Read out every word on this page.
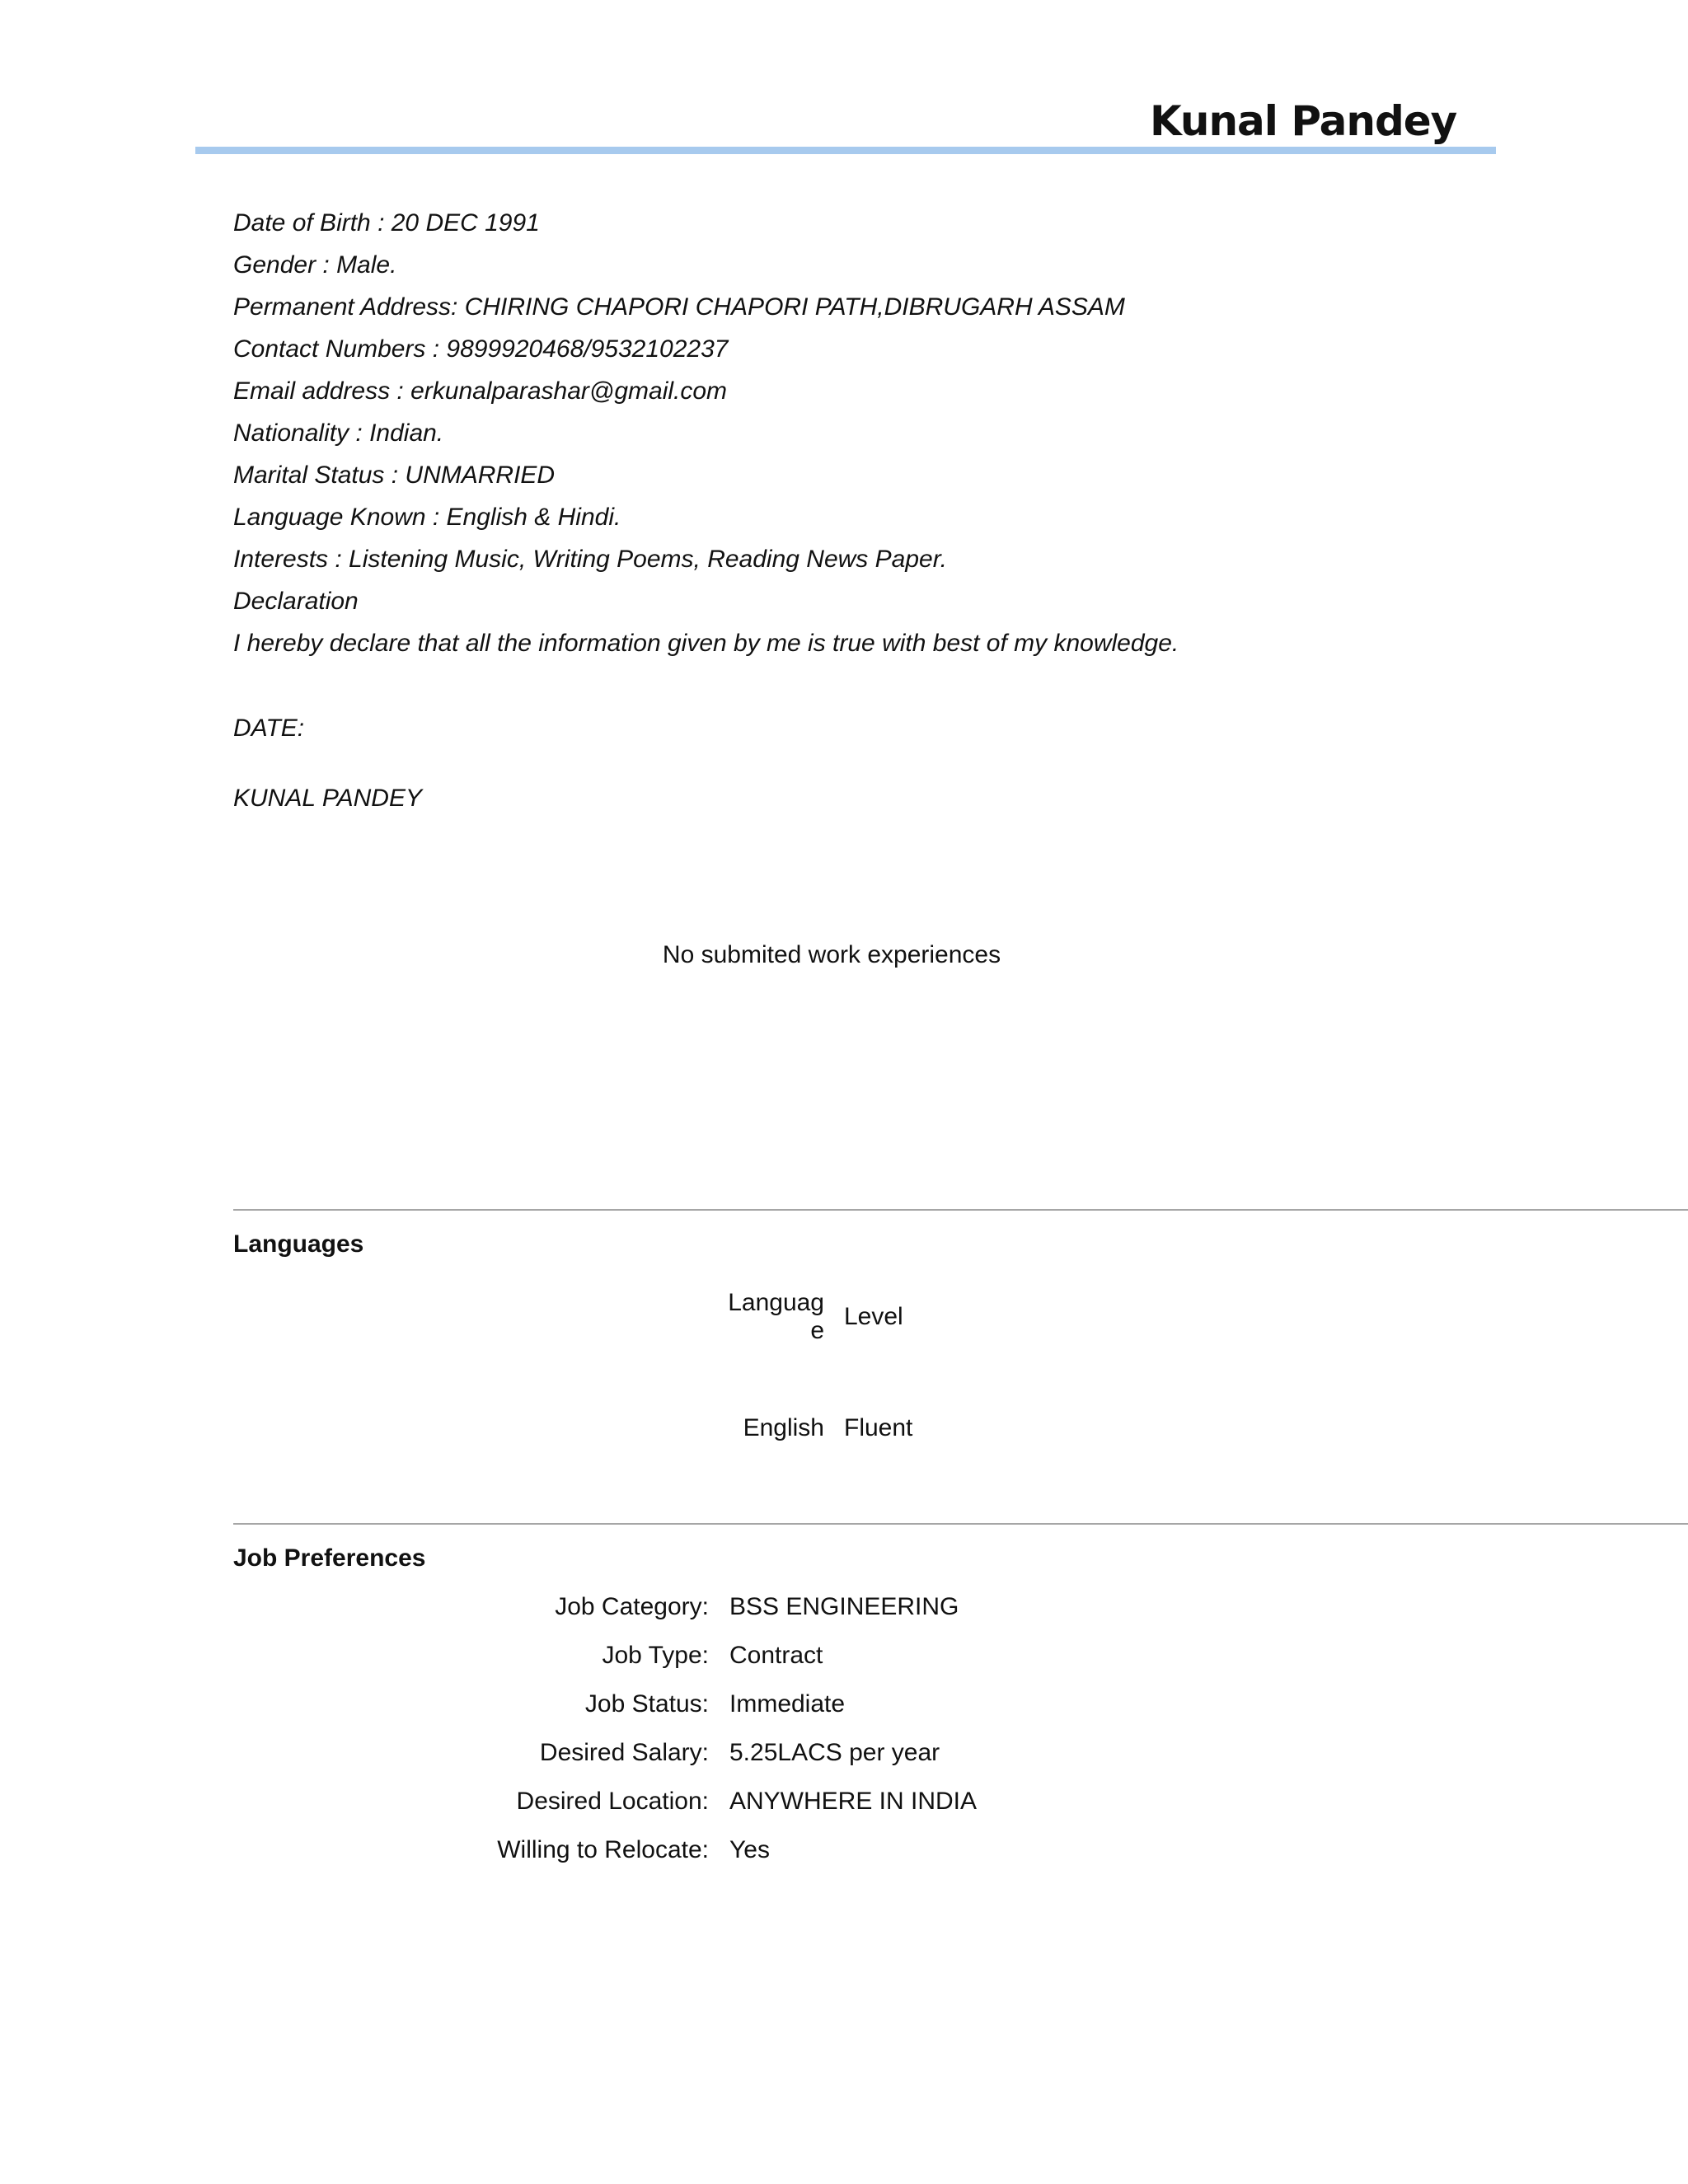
Kunal Pandey
Date of Birth : 20 DEC 1991
Gender : Male.
Permanent Address: CHIRING CHAPORI CHAPORI PATH,DIBRUGARH ASSAM
Contact Numbers : 9899920468/9532102237
Email address : erkunalparashar@gmail.com
Nationality : Indian.
Marital Status : UNMARRIED
Language Known : English & Hindi.
Interests : Listening Music, Writing Poems, Reading News Paper.
Declaration
I hereby declare that all the information given by me is true with best of my knowledge.
DATE:
KUNAL PANDEY
No submited work experiences
Languages
Languag
e
Level
English Fluent
Job Preferences
Job Category: BSS ENGINEERING
Job Type: Contract
Job Status: Immediate
Desired Salary: 5.25LACS per year
Desired Location: ANYWHERE IN INDIA
Willing to Relocate: Yes
